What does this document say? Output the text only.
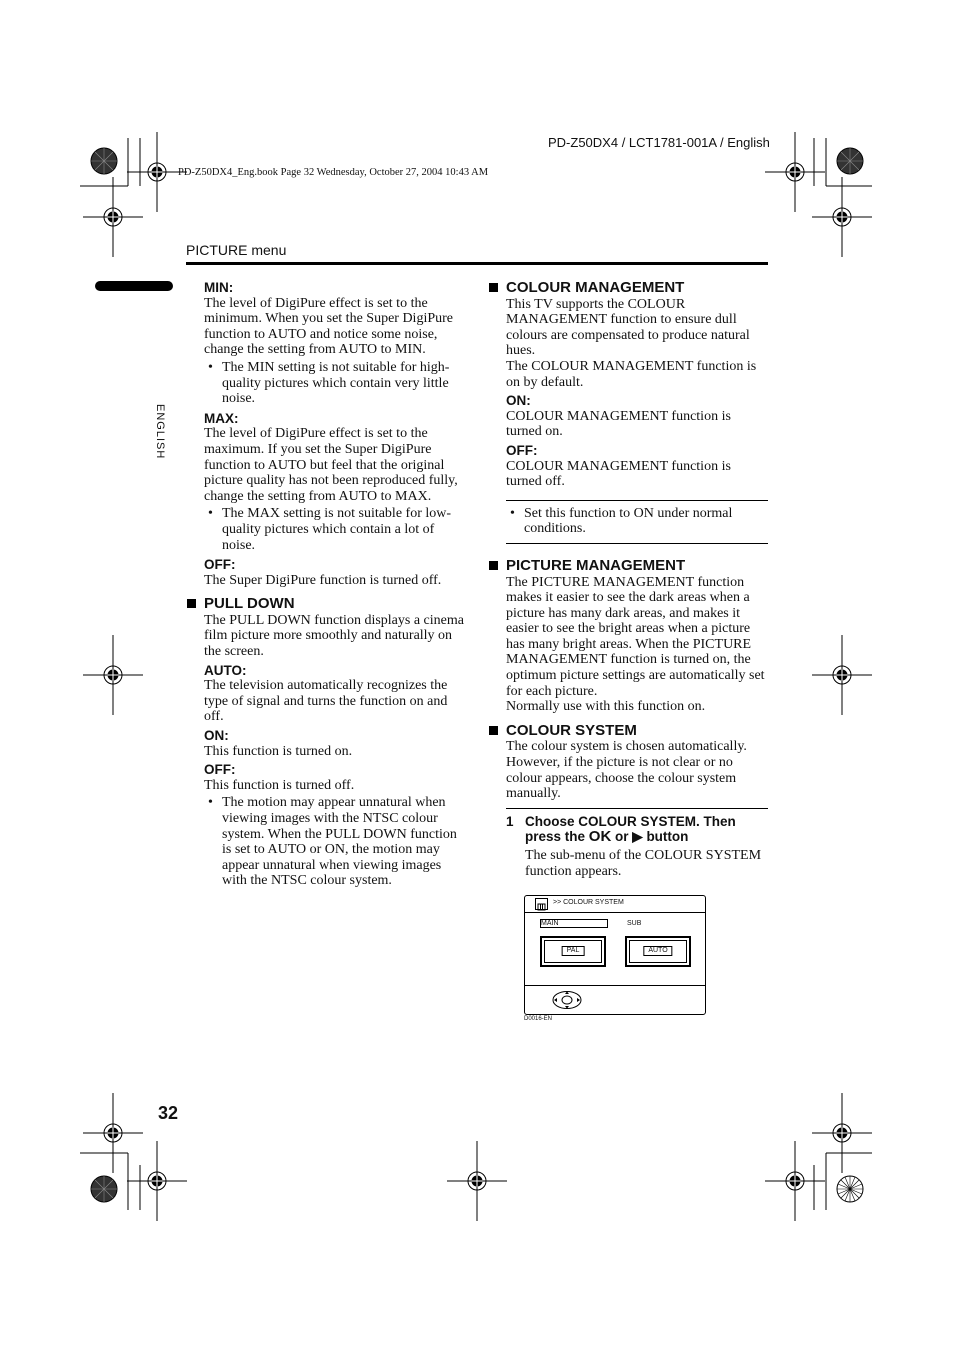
PD-Z50DX4 / LCT1781-001A / English
PD-Z50DX4_Eng.book Page 32 Wednesday, October 27, 2004 10:43 AM
PICTURE menu
ENGLISH
32
MIN:

The level of DigiPure effect is set to the minimum. When you set the Super DigiPure function to AUTO and notice some noise, change the setting from AUTO to MIN.

• The MIN setting is not suitable for high-quality pictures which contain very little noise.
MAX:

The level of DigiPure effect is set to the maximum. If you set the Super DigiPure function to AUTO but feel that the original picture quality has not been reproduced fully, change the setting from AUTO to MAX.

• The MAX setting is not suitable for low-quality pictures which contain a lot of noise.
OFF:

The Super DigiPure function is turned off.

PULL DOWN

The PULL DOWN function displays a cinema film picture more smoothly and naturally on the screen.

AUTO:

The television automatically recognizes the type of signal and turns the function on and off.

ON:

This function is turned on.

OFF:

This function is turned off.

• The motion may appear unnatural when viewing images with the NTSC colour system. When the PULL DOWN function is set to AUTO or ON, the motion may appear unnatural when viewing images with the NTSC colour system.
COLOUR MANAGEMENT

This TV supports the COLOUR MANAGEMENT function to ensure dull colours are compensated to produce natural hues.

The COLOUR MANAGEMENT function is on by default.

ON:

COLOUR MANAGEMENT function is turned on.

OFF:

COLOUR MANAGEMENT function is turned off.

• Set this function to ON under normal conditions.
PICTURE MANAGEMENT

The PICTURE MANAGEMENT function makes it easier to see the dark areas when a picture has many dark areas, and makes it easier to see the bright areas when a picture has many bright areas. When the PICTURE MANAGEMENT function is turned on, the optimum picture settings are automatically set for each picture.

Normally use with this function on.

COLOUR SYSTEM

The colour system is chosen automatically. However, if the picture is not clear or no colour appears, choose the colour system manually.

1 Choose COLOUR SYSTEM. Then press the OK or ▶ button

The sub-menu of the COLOUR SYSTEM function appears.

>> COLOUR SYSTEM
MAIN	SUB
PAL	AUTO
D0016-EN
